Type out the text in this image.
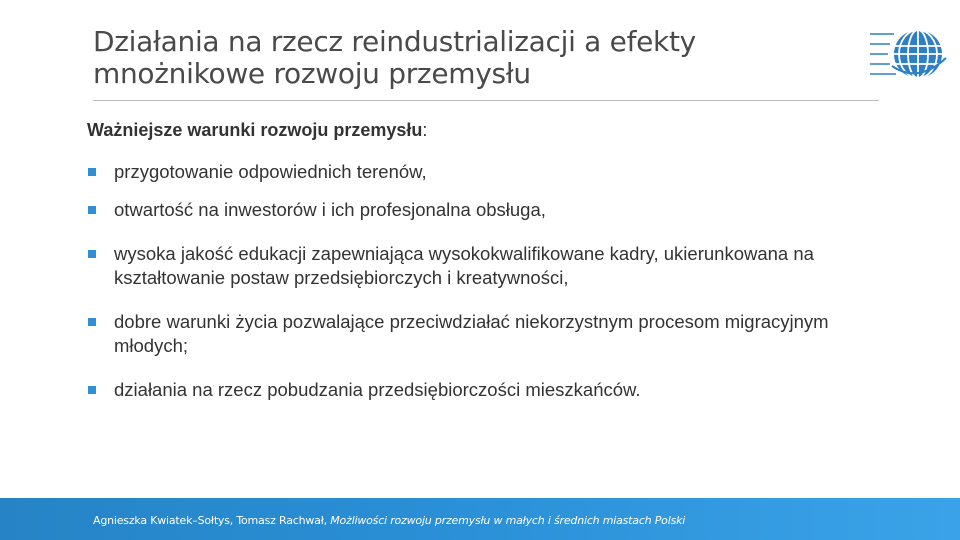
Działania na rzecz reindustrializacji a efekty
mnożnikowe rozwoju przemysłu
Ważniejsze warunki rozwoju przemysłu:
przygotowanie odpowiednich terenów,
otwartość na inwestorów i ich profesjonalna obsługa,
wysoka jakość edukacji zapewniająca wysokokwalifikowane kadry, ukierunkowana na kształtowanie postaw przedsiębiorczych i kreatywności,
dobre warunki życia pozwalające przeciwdziałać niekorzystnym procesom migracyjnym młodych;
działania na rzecz pobudzania przedsiębiorczości mieszkańców.
Agnieszka Kwiatek–Sołtys, Tomasz Rachwał, Możliwości rozwoju przemysłu w małych i średnich miastach Polski
